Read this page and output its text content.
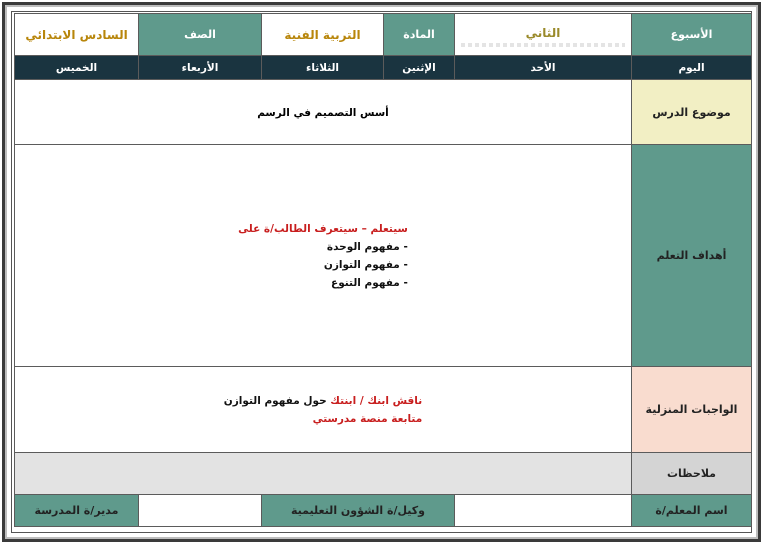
الأسبوع	الثاني	المادة	التربية الفنية	الصف	السادس الابتدائي
اليوم	الأحد	الإثنين	الثلاثاء	الأربعاء	الخميس
موضوع الدرس	أسس التصميم في الرسم				
أهداف التعلم	سيتعلم – سيتعرف الطالب/ة على
- مفهوم الوحدة
- مفهوم التوازن
- مفهوم التنوع				

الواجبات المنزلية	ناقش ابنك / ابنتك حول مفهوم التوازن
متابعة منصة مدرستي				

ملاحظات					
اسم المعلم/ة		وكيل/ة الشؤون التعليمية			مدير/ة المدرسة
